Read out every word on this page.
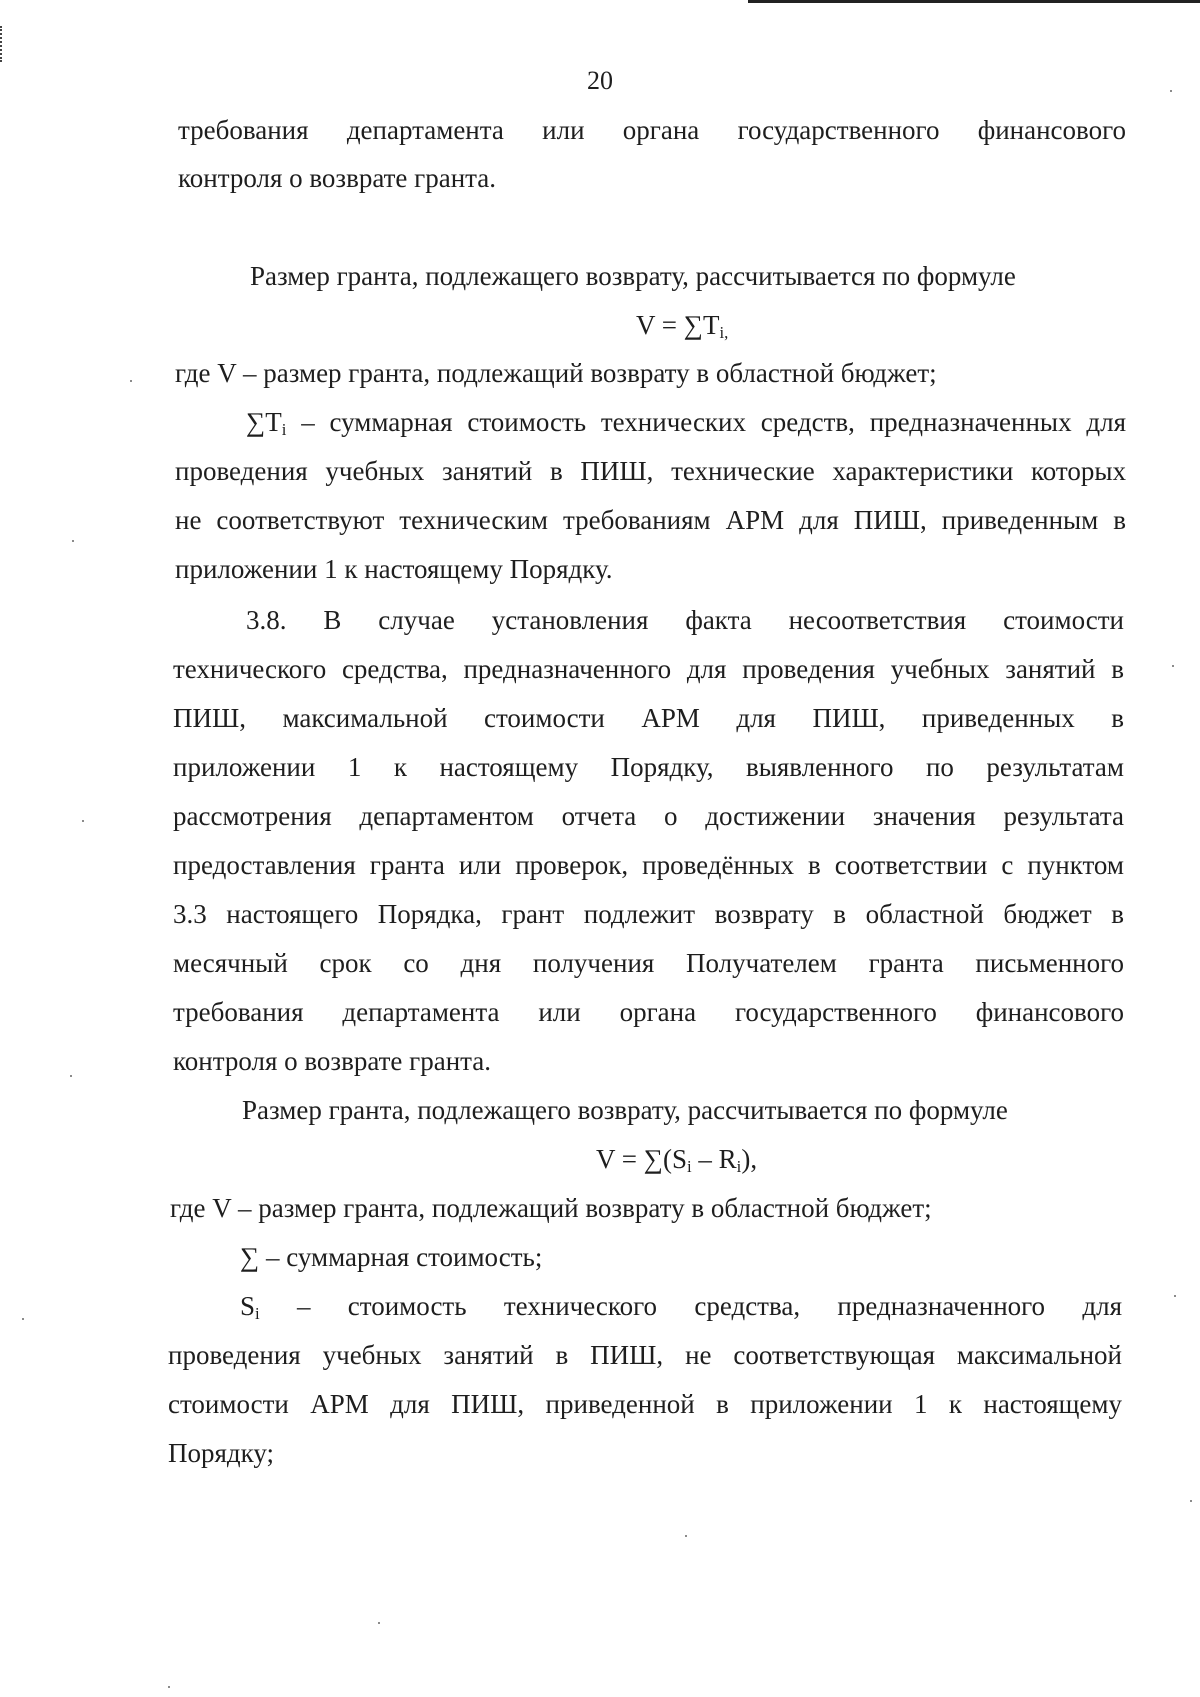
20
требования департамента или органа государственного финансового
контроля о возврате гранта.
Размер гранта, подлежащего возврату, рассчитывается по формуле
$V = \sum T_{i,}$
где V – размер гранта, подлежащий возврату в областной бюджет;
$\sum T_i$ – суммарная стоимость технических средств, предназначенных для
проведения учебных занятий в ПИШ, технические характеристики которых
не соответствуют техническим требованиям АРМ для ПИШ, приведенным в
приложении 1 к настоящему Порядку.
3.8. В случае установления факта несоответствия стоимости
технического средства, предназначенного для проведения учебных занятий в
ПИШ, максимальной стоимости АРМ для ПИШ, приведенных в
приложении 1 к настоящему Порядку, выявленного по результатам
рассмотрения департаментом отчета о достижении значения результата
предоставления гранта или проверок, проведённых в соответствии с пунктом
3.3 настоящего Порядка, грант подлежит возврату в областной бюджет в
месячный срок со дня получения Получателем гранта письменного
требования департамента или органа государственного финансового
контроля о возврате гранта.
Размер гранта, подлежащего возврату, рассчитывается по формуле
$V = \sum(S_i - R_i)$,
где V – размер гранта, подлежащий возврату в областной бюджет;
∑ – суммарная стоимость;
$S_i$ – стоимость технического средства, предназначенного для
проведения учебных занятий в ПИШ, не соответствующая максимальной
стоимости АРМ для ПИШ, приведенной в приложении 1 к настоящему
Порядку;
